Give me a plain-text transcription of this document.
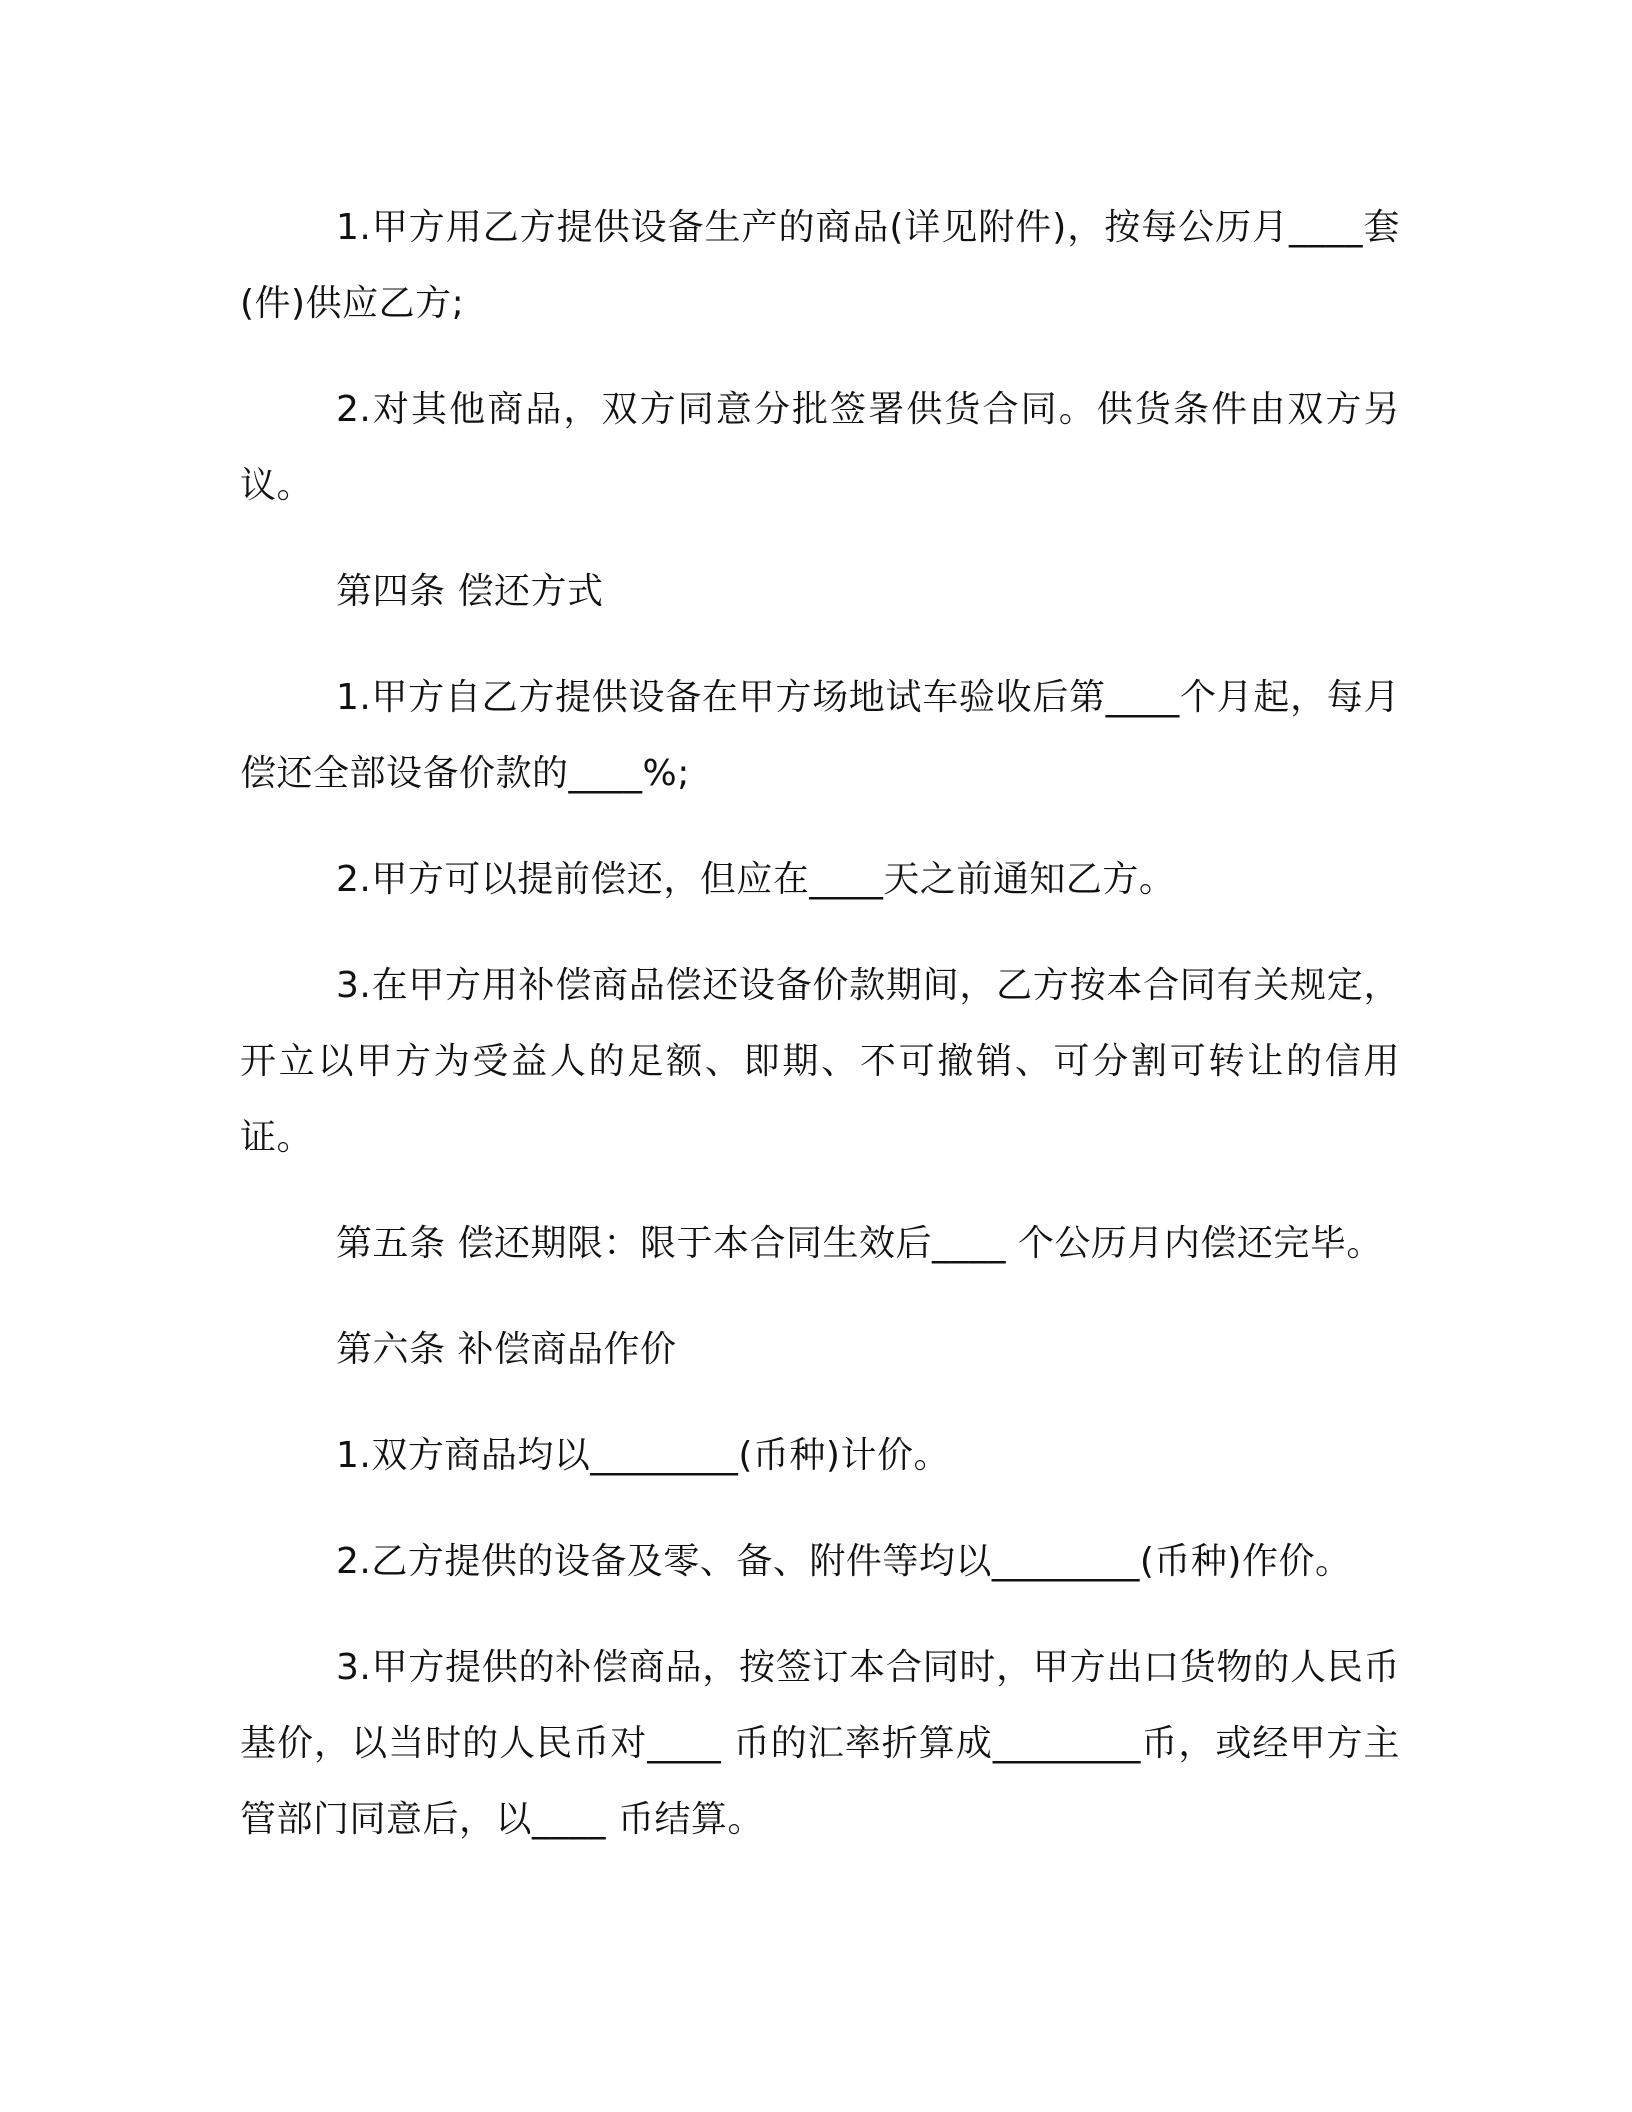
1.甲方用乙方提供设备生产的商品(详见附件)，按每公历月____套(件)供应乙方;

2.对其他商品，双方同意分批签署供货合同。供货条件由双方另议。

第四条 偿还方式

1.甲方自乙方提供设备在甲方场地试车验收后第____个月起，每月偿还全部设备价款的____%;

2.甲方可以提前偿还，但应在____天之前通知乙方。

3.在甲方用补偿商品偿还设备价款期间，乙方按本合同有关规定，开立以甲方为受益人的足额、即期、不可撤销、可分割可转让的信用证。

第五条 偿还期限：限于本合同生效后____ 个公历月内偿还完毕。

第六条 补偿商品作价

1.双方商品均以________(币种)计价。

2.乙方提供的设备及零、备、附件等均以________(币种)作价。

3.甲方提供的补偿商品，按签订本合同时，甲方出口货物的人民币基价，以当时的人民币对____ 币的汇率折算成________币，或经甲方主管部门同意后，以____ 币结算。
